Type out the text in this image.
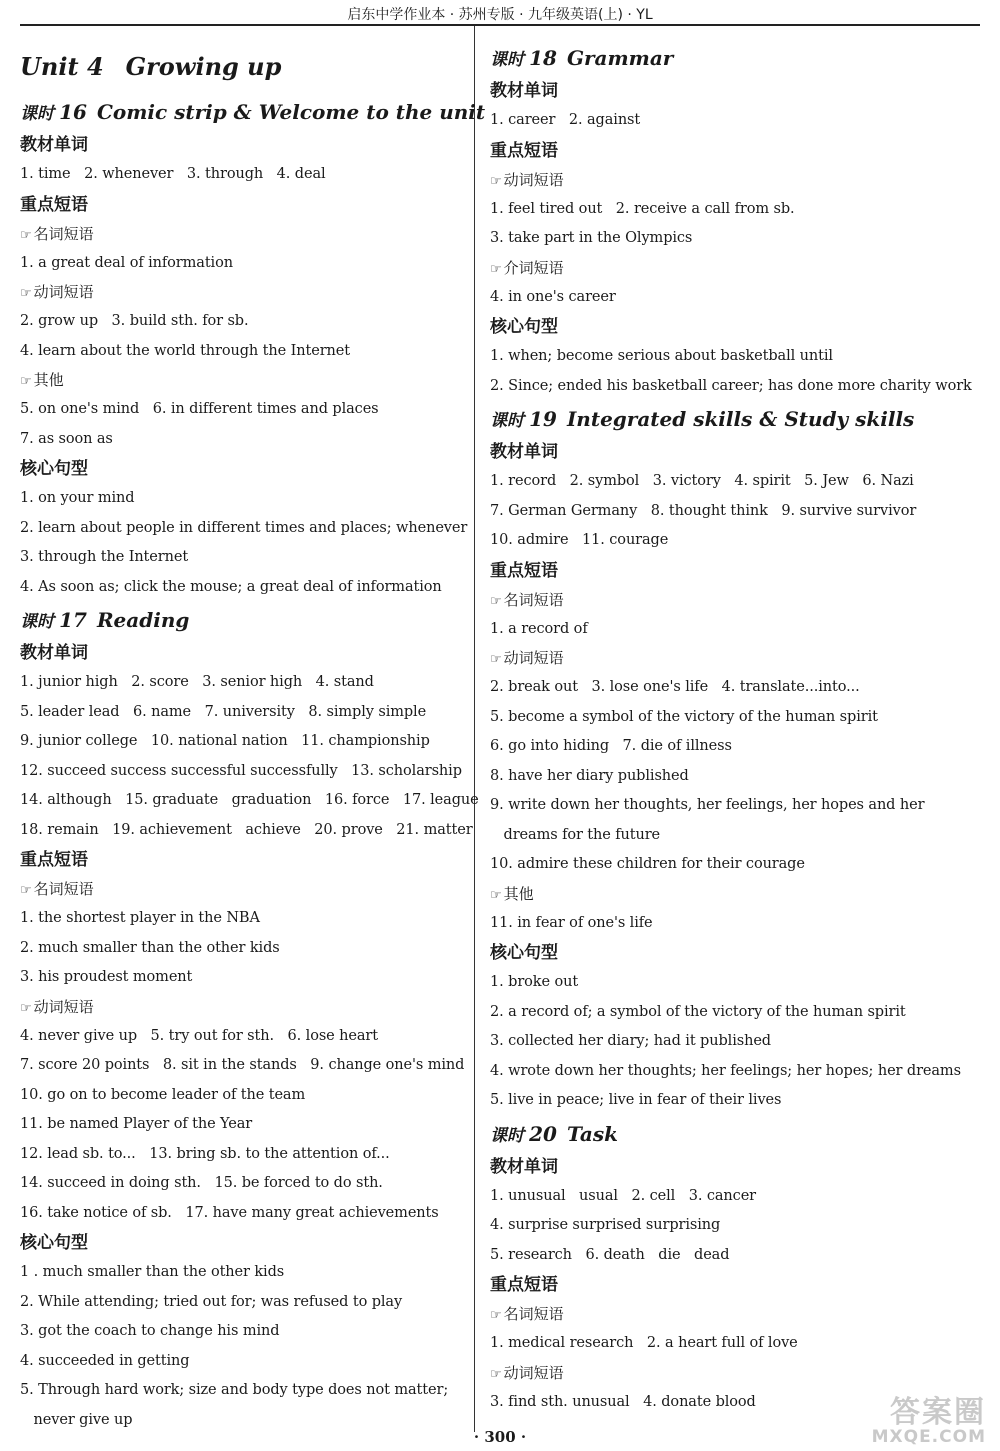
启东中学作业本 · 苏州专版 · 九年级英语(上) · YL
Unit 4 Growing up
课时 16 Comic strip & Welcome to the unit
教材单词
1. time   2. whenever   3. through   4. deal
重点短语
☞ 名词短语
1. a great deal of information
☞ 动词短语
2. grow up   3. build sth. for sb.
4. learn about the world through the Internet
☞ 其他
5. on one's mind   6. in different times and places
7. as soon as
核心句型
1. on your mind
2. learn about people in different times and places; whenever
3. through the Internet
4. As soon as; click the mouse; a great deal of information
课时 17 Reading
教材单词
1. junior high   2. score   3. senior high   4. stand
5. leader lead   6. name   7. university   8. simply simple
9. junior college   10. national nation   11. championship
12. succeed success successful successfully   13. scholarship
14. although   15. graduate   graduation   16. force   17. league
18. remain   19. achievement   achieve   20. prove   21. matter
重点短语
☞ 名词短语
1. the shortest player in the NBA
2. much smaller than the other kids
3. his proudest moment
☞ 动词短语
4. never give up   5. try out for sth.   6. lose heart
7. score 20 points   8. sit in the stands   9. change one's mind
10. go on to become leader of the team
11. be named Player of the Year
12. lead sb. to...   13. bring sb. to the attention of...
14. succeed in doing sth.   15. be forced to do sth.
16. take notice of sb.   17. have many great achievements
核心句型
1 . much smaller than the other kids
2. While attending; tried out for; was refused to play
3. got the coach to change his mind
4. succeeded in getting
5. Through hard work; size and body type does not matter;
never give up
课时 18 Grammar
教材单词
1. career   2. against
重点短语
☞ 动词短语
1. feel tired out   2. receive a call from sb.
3. take part in the Olympics
☞ 介词短语
4. in one's career
核心句型
1. when; become serious about basketball until
2. Since; ended his basketball career; has done more charity work
课时 19 Integrated skills & Study skills
教材单词
1. record   2. symbol   3. victory   4. spirit   5. Jew   6. Nazi
7. German Germany   8. thought think   9. survive survivor
10. admire   11. courage
重点短语
☞ 名词短语
1. a record of
☞ 动词短语
2. break out   3. lose one's life   4. translate...into...
5. become a symbol of the victory of the human spirit
6. go into hiding   7. die of illness
8. have her diary published
9. write down her thoughts, her feelings, her hopes and her
dreams for the future
10. admire these children for their courage
☞ 其他
11. in fear of one's life
核心句型
1. broke out
2. a record of; a symbol of the victory of the human spirit
3. collected her diary; had it published
4. wrote down her thoughts; her feelings; her hopes; her dreams
5. live in peace; live in fear of their lives
课时 20 Task
教材单词
1. unusual   usual   2. cell   3. cancer
4. surprise surprised surprising
5. research   6. death   die   dead
重点短语
☞ 名词短语
1. medical research   2. a heart full of love
☞ 动词短语
3. find sth. unusual   4. donate blood
· 300 ·
答案圈
MXQE.COM
